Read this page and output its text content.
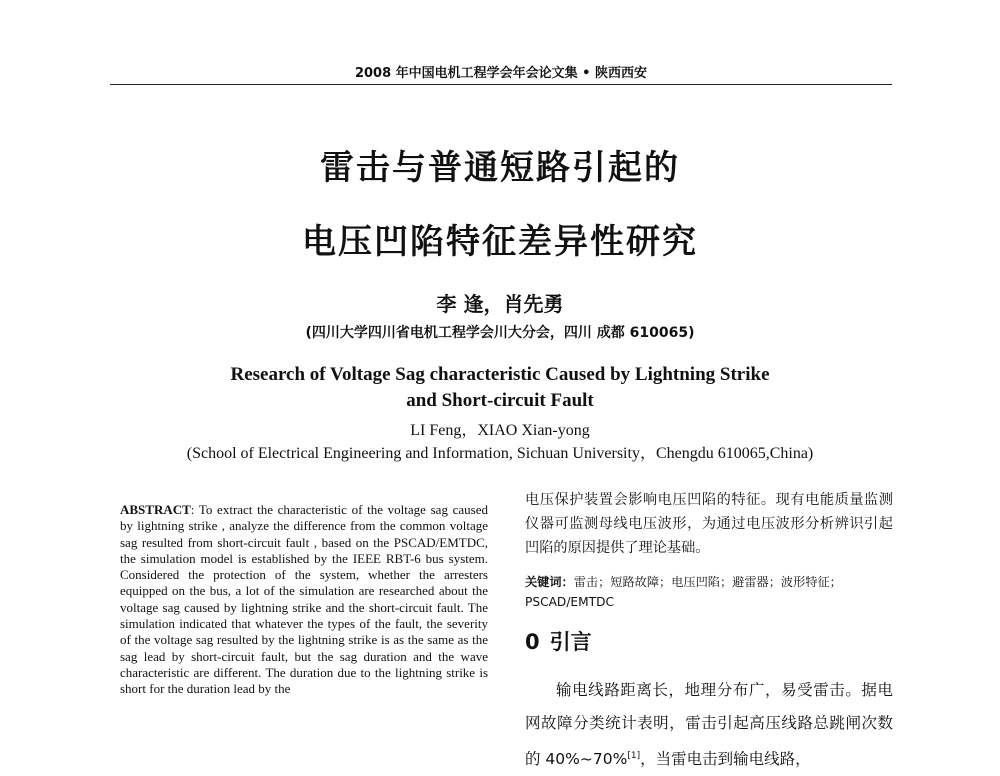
2008 年中国电机工程学会年会论文集 • 陕西西安
雷击与普通短路引起的
电压凹陷特征差异性研究
李 逢，肖先勇
(四川大学四川省电机工程学会川大分会，四川 成都 610065)
Research of Voltage Sag characteristic Caused by Lightning Strike
and Short-circuit Fault
LI Feng，XIAO Xian-yong
(School of Electrical Engineering and Information, Sichuan University，Chengdu 610065,China)
ABSTRACT: To extract the characteristic of the voltage sag caused by lightning strike , analyze the difference from the common voltage sag resulted from short-circuit fault , based on the PSCAD/EMTDC, the simulation model is established by the IEEE RBT-6 bus system. Considered the protection of the system, whether the arresters equipped on the bus, a lot of the simulation are researched about the voltage sag caused by lightning strike and the short-circuit fault. The simulation indicated that whatever the types of the fault, the severity of the voltage sag resulted by the lightning strike is as the same as the sag lead by short-circuit fault, but the sag duration and the wave characteristic are different. The duration due to the lightning strike is short for the duration lead by the
电压保护装置会影响电压凹陷的特征。现有电能质量监测仪器可监测母线电压波形，为通过电压波形分析辨识引起凹陷的原因提供了理论基础。
关键词：雷击；短路故障；电压凹陷；避雷器；波形特征；PSCAD/EMTDC
0 引言
输电线路距离长，地理分布广，易受雷击。据电网故障分类统计表明，雷击引起高压线路总跳闸次数的 40%~70%[1]，当雷电击到输电线路，
